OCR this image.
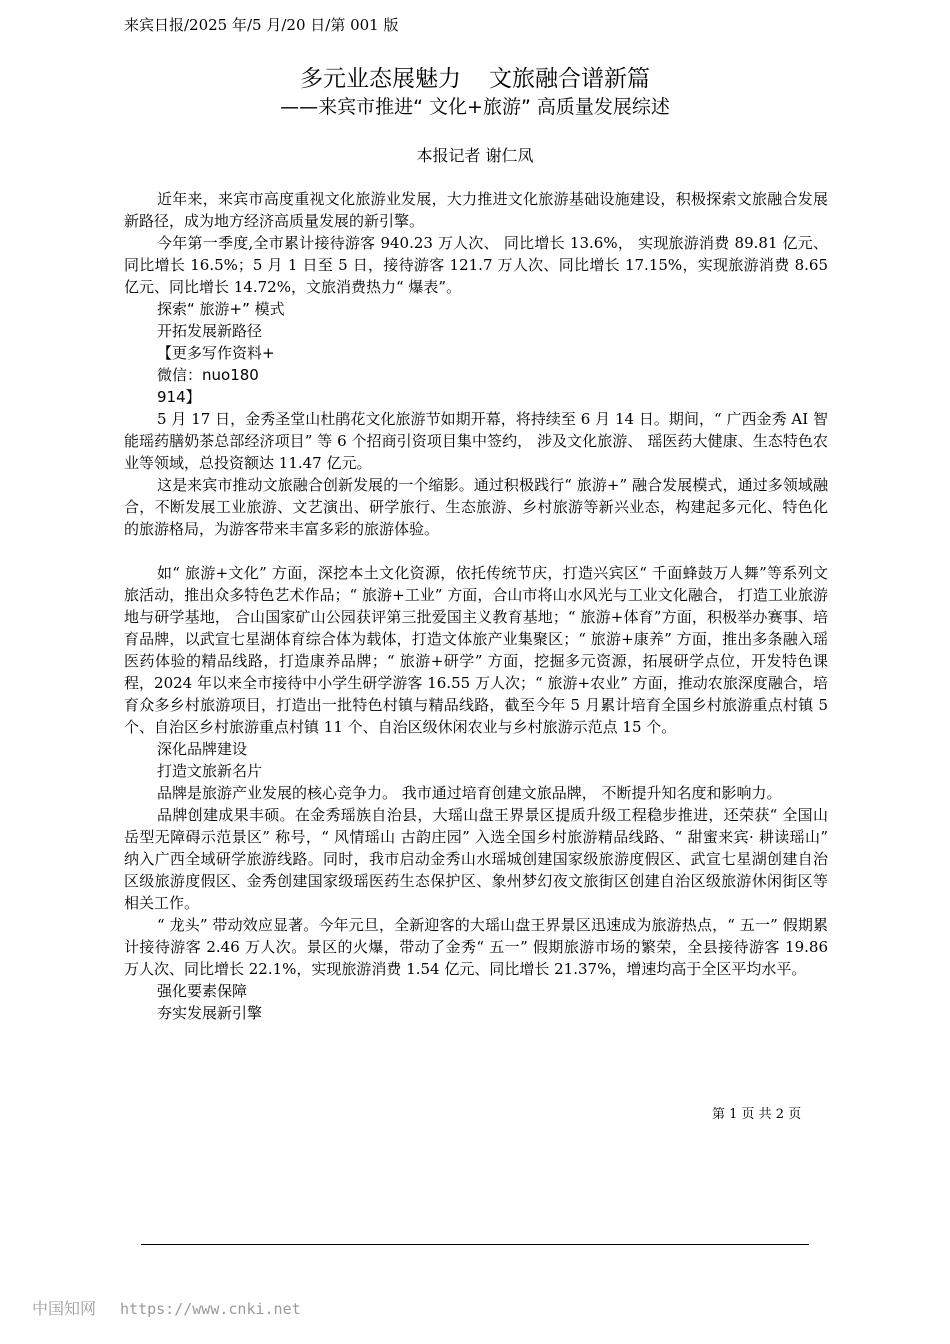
来宾日报/2025 年/5 月/20 日/第 001 版
多元业态展魅力 文旅融合谱新篇
——来宾市推进“ 文化+旅游” 高质量发展综述
本报记者 谢仁凤

近年来，来宾市高度重视文化旅游业发展，大力推进文化旅游基础设施建设，积极探索文旅融合发展新路径，成为地方经济高质量发展的新引擎。

今年第一季度,全市累计接待游客 940.23 万人次、 同比增长 13.6%， 实现旅游消费 89.81 亿元、 同比增长 16.5%；5 月 1 日至 5 日，接待游客 121.7 万人次、同比增长 17.15%，实现旅游消费 8.65 亿元、同比增长 14.72%，文旅消费热力“ 爆表”。

探索“ 旅游+” 模式

开拓发展新路径

【更多写作资料+

微信：nuo180

914】

5 月 17 日，金秀圣堂山杜鹃花文化旅游节如期开幕，将持续至 6 月 14 日。期间，“ 广西金秀 AI 智能瑶药膳奶茶总部经济项目” 等 6 个招商引资项目集中签约， 涉及文化旅游、 瑶医药大健康、生态特色农业等领域，总投资额达 11.47 亿元。

这是来宾市推动文旅融合创新发展的一个缩影。通过积极践行“ 旅游+” 融合发展模式，通过多领域融合，不断发展工业旅游、文艺演出、研学旅行、生态旅游、乡村旅游等新兴业态，构建起多元化、特色化的旅游格局，为游客带来丰富多彩的旅游体验。

如“ 旅游+文化” 方面，深挖本土文化资源，依托传统节庆，打造兴宾区“ 千面蜂鼓万人舞”等系列文旅活动，推出众多特色艺术作品；“ 旅游+工业” 方面，合山市将山水风光与工业文化融合， 打造工业旅游地与研学基地， 合山国家矿山公园获评第三批爱国主义教育基地；“ 旅游+体育”方面，积极举办赛事、培育品牌，以武宣七星湖体育综合体为载体，打造文体旅产业集聚区；“ 旅游+康养” 方面，推出多条融入瑶医药体验的精品线路，打造康养品牌；“ 旅游+研学” 方面，挖掘多元资源，拓展研学点位，开发特色课程，2024 年以来全市接待中小学生研学游客 16.55 万人次；“ 旅游+农业” 方面，推动农旅深度融合，培育众多乡村旅游项目，打造出一批特色村镇与精品线路，截至今年 5 月累计培育全国乡村旅游重点村镇 5 个、自治区乡村旅游重点村镇 11 个、自治区级休闲农业与乡村旅游示范点 15 个。

深化品牌建设

打造文旅新名片

品牌是旅游产业发展的核心竞争力。 我市通过培育创建文旅品牌， 不断提升知名度和影响力。

品牌创建成果丰硕。在金秀瑶族自治县，大瑶山盘王界景区提质升级工程稳步推进，还荣获“ 全国山岳型无障碍示范景区” 称号，“ 风情瑶山 古韵庄园” 入选全国乡村旅游精品线路、“ 甜蜜来宾· 耕读瑶山” 纳入广西全域研学旅游线路。同时，我市启动金秀山水瑶城创建国家级旅游度假区、武宣七星湖创建自治区级旅游度假区、金秀创建国家级瑶医药生态保护区、象州梦幻夜文旅街区创建自治区级旅游休闲街区等相关工作。

“ 龙头” 带动效应显著。今年元旦，全新迎客的大瑶山盘王界景区迅速成为旅游热点，“ 五一” 假期累计接待游客 2.46 万人次。景区的火爆，带动了金秀“ 五一” 假期旅游市场的繁荣，全县接待游客 19.86 万人次、同比增长 22.1%，实现旅游消费 1.54 亿元、同比增长 21.37%，增速均高于全区平均水平。

强化要素保障

夯实发展新引擎

第 1 页 共 2 页
中国知网 https://www.cnki.net
